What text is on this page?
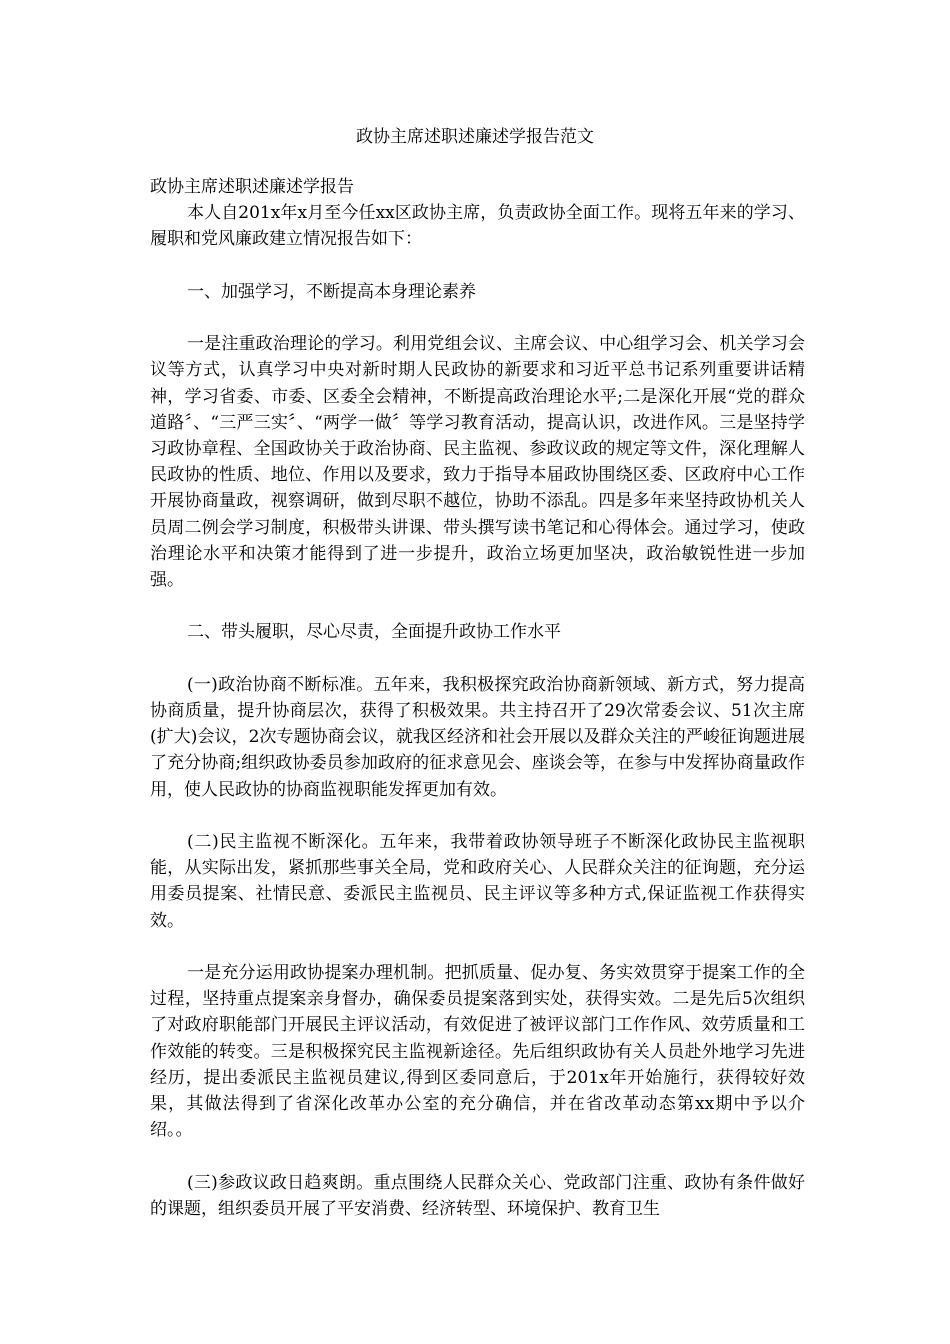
政协主席述职述廉述学报告范文

政协主席述职述廉述学报告

本人自201x年x月至今任xx区政协主席，负责政协全面工作。现将五年来的学习、履职和党风廉政建立情况报告如下：

一、加强学习，不断提高本身理论素养

一是注重政治理论的学习。利用党组会议、主席会议、中心组学习会、机关学习会议等方式，认真学习中央对新时期人民政协的新要求和习近平总书记系列重要讲话精神，学习省委、市委、区委全会精神，不断提高政治理论水平;二是深化开展“党的群众道路〞、“三严三实〞、“两学一做〞等学习教育活动，提高认识，改进作风。三是坚持学习政协章程、全国政协关于政治协商、民主监视、参政议政的规定等文件，深化理解人民政协的性质、地位、作用以及要求，致力于指导本届政协围绕区委、区政府中心工作开展协商量政，视察调研，做到尽职不越位，协助不添乱。四是多年来坚持政协机关人员周二例会学习制度，积极带头讲课、带头撰写读书笔记和心得体会。通过学习，使政治理论水平和决策才能得到了进一步提升，政治立场更加坚决，政治敏锐性进一步加强。

二、带头履职，尽心尽责，全面提升政协工作水平

(一)政治协商不断标准。五年来，我积极探究政治协商新领域、新方式，努力提高协商质量，提升协商层次，获得了积极效果。共主持召开了29次常委会议、51次主席(扩大)会议，2次专题协商会议，就我区经济和社会开展以及群众关注的严峻征询题进展了充分协商;组织政协委员参加政府的征求意见会、座谈会等，在参与中发挥协商量政作用，使人民政协的协商监视职能发挥更加有效。

(二)民主监视不断深化。五年来，我带着政协领导班子不断深化政协民主监视职能，从实际出发，紧抓那些事关全局，党和政府关心、人民群众关注的征询题，充分运用委员提案、社情民意、委派民主监视员、民主评议等多种方式,保证监视工作获得实效。

一是充分运用政协提案办理机制。把抓质量、促办复、务实效贯穿于提案工作的全过程，坚持重点提案亲身督办，确保委员提案落到实处，获得实效。二是先后5次组织了对政府职能部门开展民主评议活动，有效促进了被评议部门工作作风、效劳质量和工作效能的转变。三是积极探究民主监视新途径。先后组织政协有关人员赴外地学习先进经历，提出委派民主监视员建议,得到区委同意后，于201x年开始施行，获得较好效果，其做法得到了省深化改革办公室的充分确信，并在省改革动态第xx期中予以介绍。。

(三)参政议政日趋爽朗。重点围绕人民群众关心、党政部门注重、政协有条件做好的课题，组织委员开展了平安消费、经济转型、环境保护、教育卫生
